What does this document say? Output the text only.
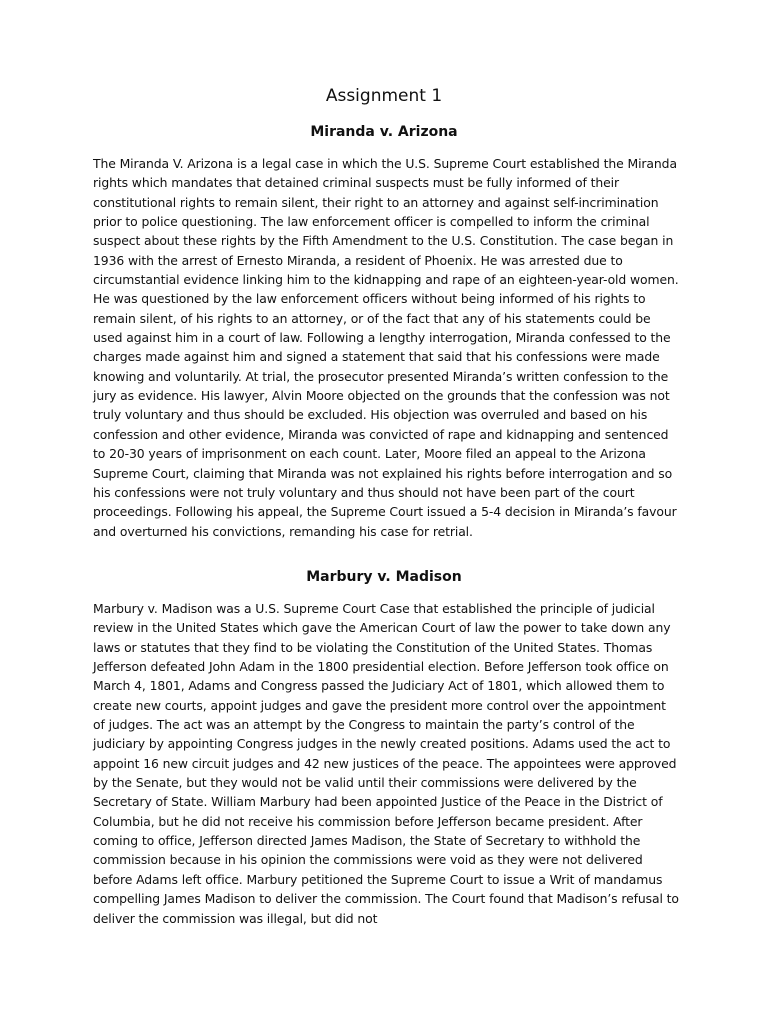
Assignment 1
Miranda v. Arizona

The Miranda V. Arizona is a legal case in which the U.S. Supreme Court established the Miranda rights which mandates that detained criminal suspects must be fully informed of their constitutional rights to remain silent, their right to an attorney and against self-incrimination prior to police questioning. The law enforcement officer is compelled to inform the criminal suspect about these rights by the Fifth Amendment to the U.S. Constitution. The case began in 1936 with the arrest of Ernesto Miranda, a resident of Phoenix. He was arrested due to circumstantial evidence linking him to the kidnapping and rape of an eighteen-year-old women. He was questioned by the law enforcement officers without being informed of his rights to remain silent, of his rights to an attorney, or of the fact that any of his statements could be used against him in a court of law. Following a lengthy interrogation, Miranda confessed to the charges made against him and signed a statement that said that his confessions were made knowing and voluntarily. At trial, the prosecutor presented Miranda’s written confession to the jury as evidence. His lawyer, Alvin Moore objected on the grounds that the confession was not truly voluntary and thus should be excluded. His objection was overruled and based on his confession and other evidence, Miranda was convicted of rape and kidnapping and sentenced to 20-30 years of imprisonment on each count. Later, Moore filed an appeal to the Arizona Supreme Court, claiming that Miranda was not explained his rights before interrogation and so his confessions were not truly voluntary and thus should not have been part of the court proceedings. Following his appeal, the Supreme Court issued a 5-4 decision in Miranda’s favour and overturned his convictions, remanding his case for retrial.

Marbury v. Madison

Marbury v. Madison was a U.S. Supreme Court Case that established the principle of judicial review in the United States which gave the American Court of law the power to take down any laws or statutes that they find to be violating the Constitution of the United States. Thomas Jefferson defeated John Adam in the 1800 presidential election. Before Jefferson took office on March 4, 1801, Adams and Congress passed the Judiciary Act of 1801, which allowed them to create new courts, appoint judges and gave the president more control over the appointment of judges. The act was an attempt by the Congress to maintain the party’s control of the judiciary by appointing Congress judges in the newly created positions. Adams used the act to appoint 16 new circuit judges and 42 new justices of the peace. The appointees were approved by the Senate, but they would not be valid until their commissions were delivered by the Secretary of State. William Marbury had been appointed Justice of the Peace in the District of Columbia, but he did not receive his commission before Jefferson became president. After coming to office, Jefferson directed James Madison, the State of Secretary to withhold the commission because in his opinion the commissions were void as they were not delivered before Adams left office. Marbury petitioned the Supreme Court to issue a Writ of mandamus compelling James Madison to deliver the commission. The Court found that Madison’s refusal to deliver the commission was illegal, but did not
